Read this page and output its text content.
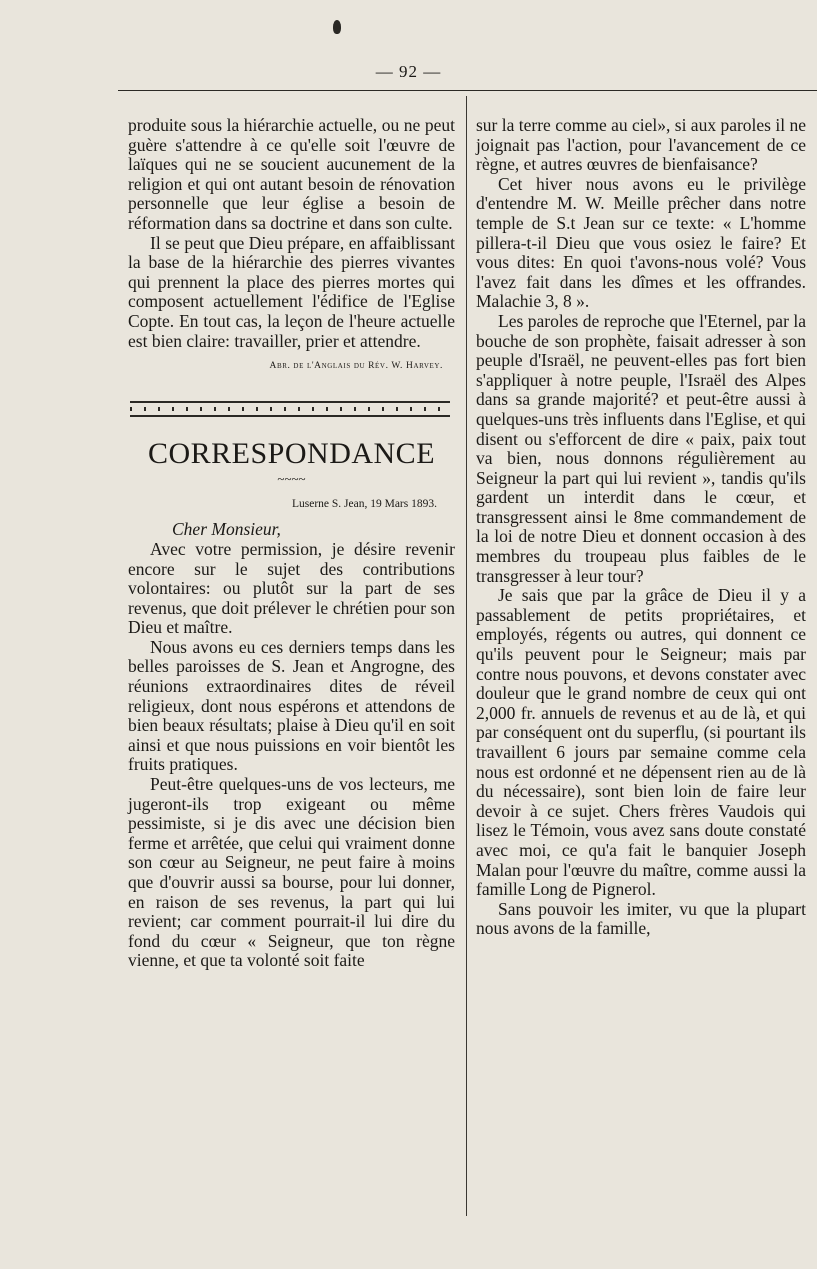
— 92 —

produite sous la hiérarchie actuelle, ou ne peut guère s'attendre à ce qu'elle soit l'œuvre de laïques qui ne se soucient aucunement de la religion et qui ont autant besoin de rénovation personnelle que leur église a besoin de réformation dans sa doctrine et dans son culte.

Il se peut que Dieu prépare, en affaiblissant la base de la hiérarchie des pierres vivantes qui prennent la place des pierres mortes qui composent actuellement l'édifice de l'Eglise Copte. En tout cas, la leçon de l'heure actuelle est bien claire: travailler, prier et attendre.

Abr. de l'Anglais du Rév. W. Harvey.
CORRESPONDANCE
~~~~
Luserne S. Jean, 19 Mars 1893.
Cher Monsieur,

Avec votre permission, je désire revenir encore sur le sujet des contributions volontaires: ou plutôt sur la part de ses revenus, que doit prélever le chrétien pour son Dieu et maître.

Nous avons eu ces derniers temps dans les belles paroisses de S. Jean et Angrogne, des réunions extraordinaires dites de réveil religieux, dont nous espérons et attendons de bien beaux résultats; plaise à Dieu qu'il en soit ainsi et que nous puissions en voir bientôt les fruits pratiques.

Peut-être quelques-uns de vos lecteurs, me jugeront-ils trop exigeant ou même pessimiste, si je dis avec une décision bien ferme et arrêtée, que celui qui vraiment donne son cœur au Seigneur, ne peut faire à moins que d'ouvrir aussi sa bourse, pour lui donner, en raison de ses revenus, la part qui lui revient; car comment pourrait-il lui dire du fond du cœur « Seigneur, que ton règne vienne, et que ta volonté soit faite

sur la terre comme au ciel», si aux paroles il ne joignait pas l'action, pour l'avancement de ce règne, et autres œuvres de bienfaisance?

Cet hiver nous avons eu le privilège d'entendre M. W. Meille prêcher dans notre temple de S.t Jean sur ce texte: « L'homme pillera-t-il Dieu que vous osiez le faire? Et vous dites: En quoi t'avons-nous volé? Vous l'avez fait dans les dîmes et les offrandes. Malachie 3, 8 ».

Les paroles de reproche que l'Eternel, par la bouche de son prophète, faisait adresser à son peuple d'Israël, ne peuvent-elles pas fort bien s'appliquer à notre peuple, l'Israël des Alpes dans sa grande majorité? et peut-être aussi à quelques-uns très influents dans l'Eglise, et qui disent ou s'efforcent de dire « paix, paix tout va bien, nous donnons régulièrement au Seigneur la part qui lui revient », tandis qu'ils gardent un interdit dans le cœur, et transgressent ainsi le 8me commandement de la loi de notre Dieu et donnent occasion à des membres du troupeau plus faibles de le transgresser à leur tour?

Je sais que par la grâce de Dieu il y a passablement de petits propriétaires, et employés, régents ou autres, qui donnent ce qu'ils peuvent pour le Seigneur; mais par contre nous pouvons, et devons constater avec douleur que le grand nombre de ceux qui ont 2,000 fr. annuels de revenus et au de là, et qui par conséquent ont du superflu, (si pourtant ils travaillent 6 jours par semaine comme cela nous est ordonné et ne dépensent rien au de là du nécessaire), sont bien loin de faire leur devoir à ce sujet. Chers frères Vaudois qui lisez le Témoin, vous avez sans doute constaté avec moi, ce qu'a fait le banquier Joseph Malan pour l'œuvre du maître, comme aussi la famille Long de Pignerol.

Sans pouvoir les imiter, vu que la plupart nous avons de la famille,
